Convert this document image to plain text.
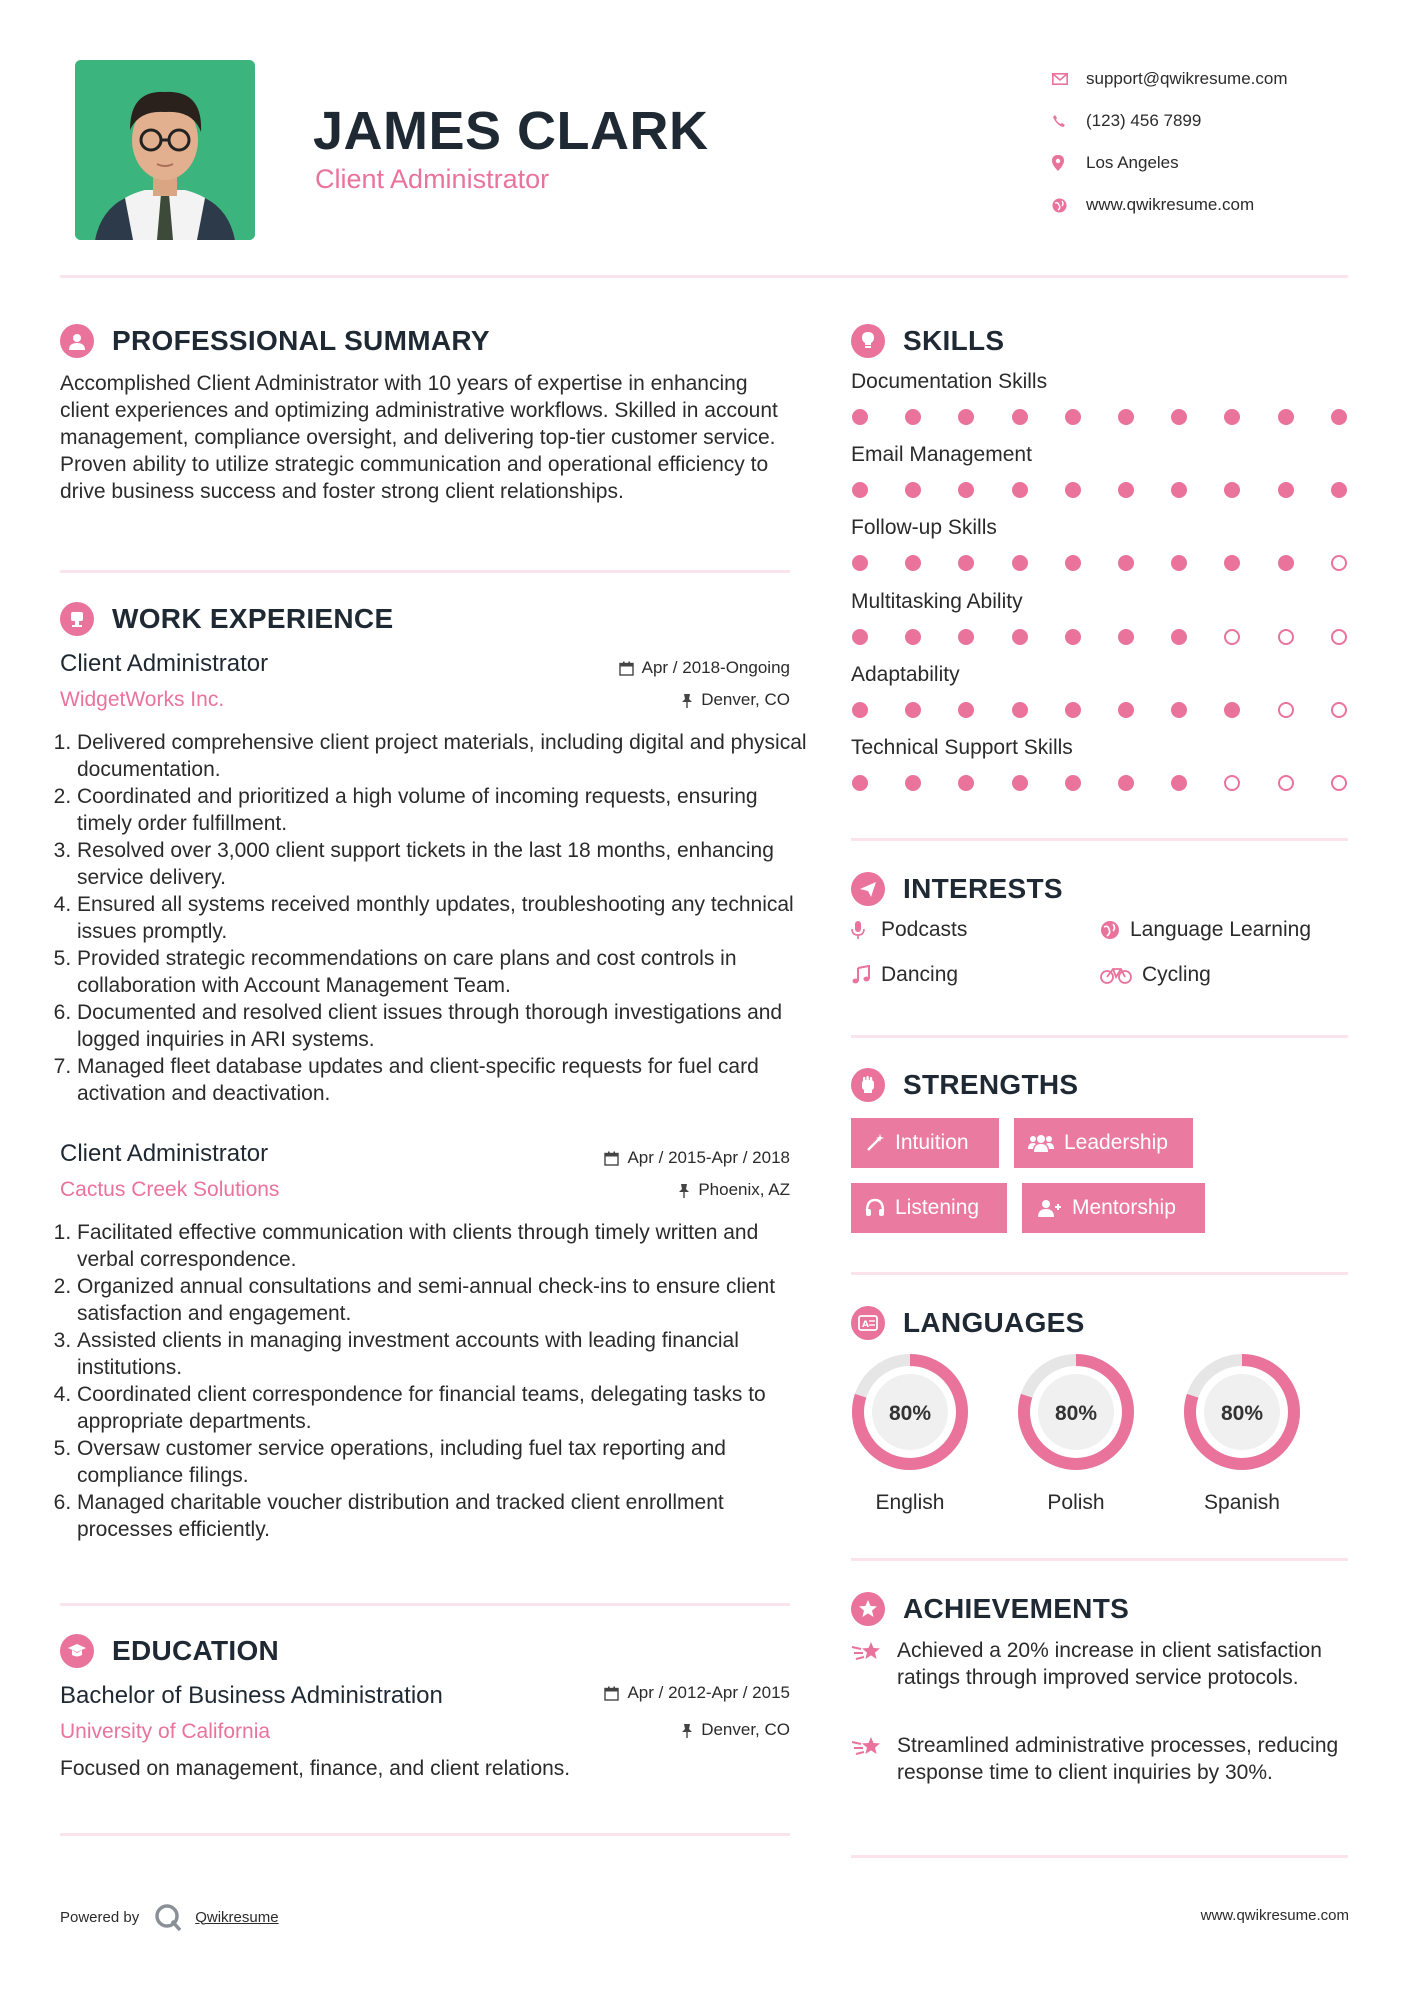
JAMES CLARK
Client Administrator
support@qwikresume.com
(123) 456 7899
Los Angeles
www.qwikresume.com
PROFESSIONAL SUMMARY
Accomplished Client Administrator with 10 years of expertise in enhancing client experiences and optimizing administrative workflows. Skilled in account management, compliance oversight, and delivering top-tier customer service. Proven ability to utilize strategic communication and operational efficiency to drive business success and foster strong client relationships.
WORK EXPERIENCE
Client Administrator	Apr / 2018-Ongoing
WidgetWorks Inc.	Denver, CO
1. Delivered comprehensive client project materials, including digital and physical documentation.
2. Coordinated and prioritized a high volume of incoming requests, ensuring timely order fulfillment.
3. Resolved over 3,000 client support tickets in the last 18 months, enhancing service delivery.
4. Ensured all systems received monthly updates, troubleshooting any technical issues promptly.
5. Provided strategic recommendations on care plans and cost controls in collaboration with Account Management Team.
6. Documented and resolved client issues through thorough investigations and logged inquiries in ARI systems.
7. Managed fleet database updates and client-specific requests for fuel card activation and deactivation.
Client Administrator	Apr / 2015-Apr / 2018
Cactus Creek Solutions	Phoenix, AZ
1. Facilitated effective communication with clients through timely written and verbal correspondence.
2. Organized annual consultations and semi-annual check-ins to ensure client satisfaction and engagement.
3. Assisted clients in managing investment accounts with leading financial institutions.
4. Coordinated client correspondence for financial teams, delegating tasks to appropriate departments.
5. Oversaw customer service operations, including fuel tax reporting and compliance filings.
6. Managed charitable voucher distribution and tracked client enrollment processes efficiently.
EDUCATION
Bachelor of Business Administration	Apr / 2012-Apr / 2015
University of California	Denver, CO
Focused on management, finance, and client relations.
SKILLS
Documentation Skills
Email Management
Follow-up Skills
Multitasking Ability
Adaptability
Technical Support Skills
INTERESTS
Podcasts	Language Learning
Dancing	Cycling
STRENGTHS
Intuition	Leadership
Listening	Mentorship
A LANGUAGES
80%
English
80%
Polish
80%
Spanish
ACHIEVEMENTS
Achieved a 20% increase in client satisfaction ratings through improved service protocols.
Streamlined administrative processes, reducing response time to client inquiries by 30%.
Powered by	Qwikresume	www.qwikresume.com
